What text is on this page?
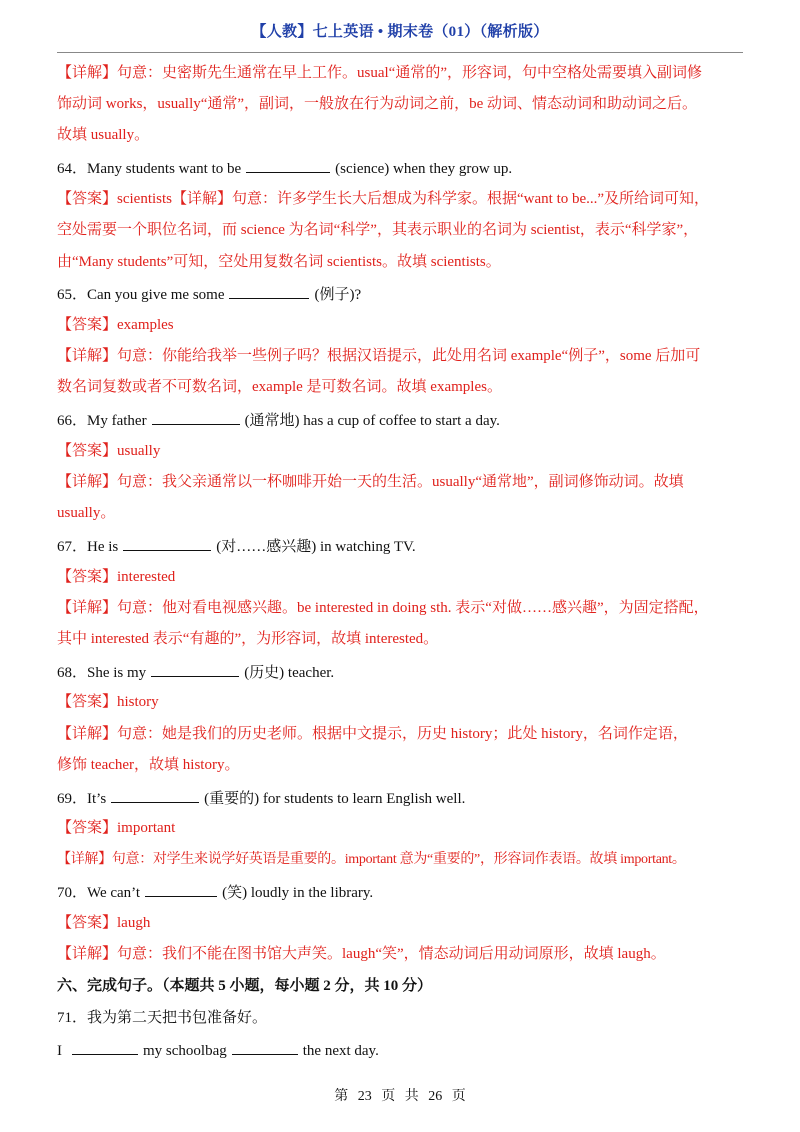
【人教】七上英语 • 期末卷（01）（解析版）
【详解】句意：史密斯先生通常在早上工作。usual“通常的”，形容词，句中空格处需要填入副词修
饰动词 works，usually“通常”，副词，一般放在行为动词之前，be 动词、情态动词和助动词之后。
故填 usually。
64．Many students want to be	(science) when they grow up.
【答案】scientists【详解】句意：许多学生长大后想成为科学家。根据“want to be...”及所给词可知，
空处需要一个职位名词，而 science 为名词“科学”，其表示职业的名词为 scientist，表示“科学家”，
由“Many students”可知，空处用复数名词 scientists。故填 scientists。
65．Can you give me some	(例子)?
【答案】examples
【详解】句意：你能给我举一些例子吗？根据汉语提示，此处用名词 example“例子”，some 后加可
数名词复数或者不可数名词，example 是可数名词。故填 examples。
66．My father	(通常地) has a cup of coffee to start a day.
【答案】usually
【详解】句意：我父亲通常以一杯咖啡开始一天的生活。usually“通常地”，副词修饰动词。故填
usually。
67．He is	(对……感兴趣) in watching TV.
【答案】interested
【详解】句意：他对看电视感兴趣。be interested in doing sth. 表示“对做……感兴趣”，为固定搭配，
其中 interested 表示“有趣的”，为形容词，故填 interested。
68．She is my	(历史) teacher.
【答案】history
【详解】句意：她是我们的历史老师。根据中文提示，历史 history；此处 history，名词作定语，
修饰 teacher，故填 history。
69．It’s	(重要的) for students to learn English well.
【答案】important
【详解】句意：对学生来说学好英语是重要的。important 意为“重要的”，形容词作表语。故填 important。
70．We can’t	(笑) loudly in the library.
【答案】laugh
【详解】句意：我们不能在图书馆大声笑。laugh“笑”，情态动词后用动词原形，故填 laugh。
六、完成句子。（本题共 5 小题，每小题 2 分，共 10 分）
71．我为第二天把书包准备好。
I	my schoolbag	the next day.
第 23 页 共 26 页
